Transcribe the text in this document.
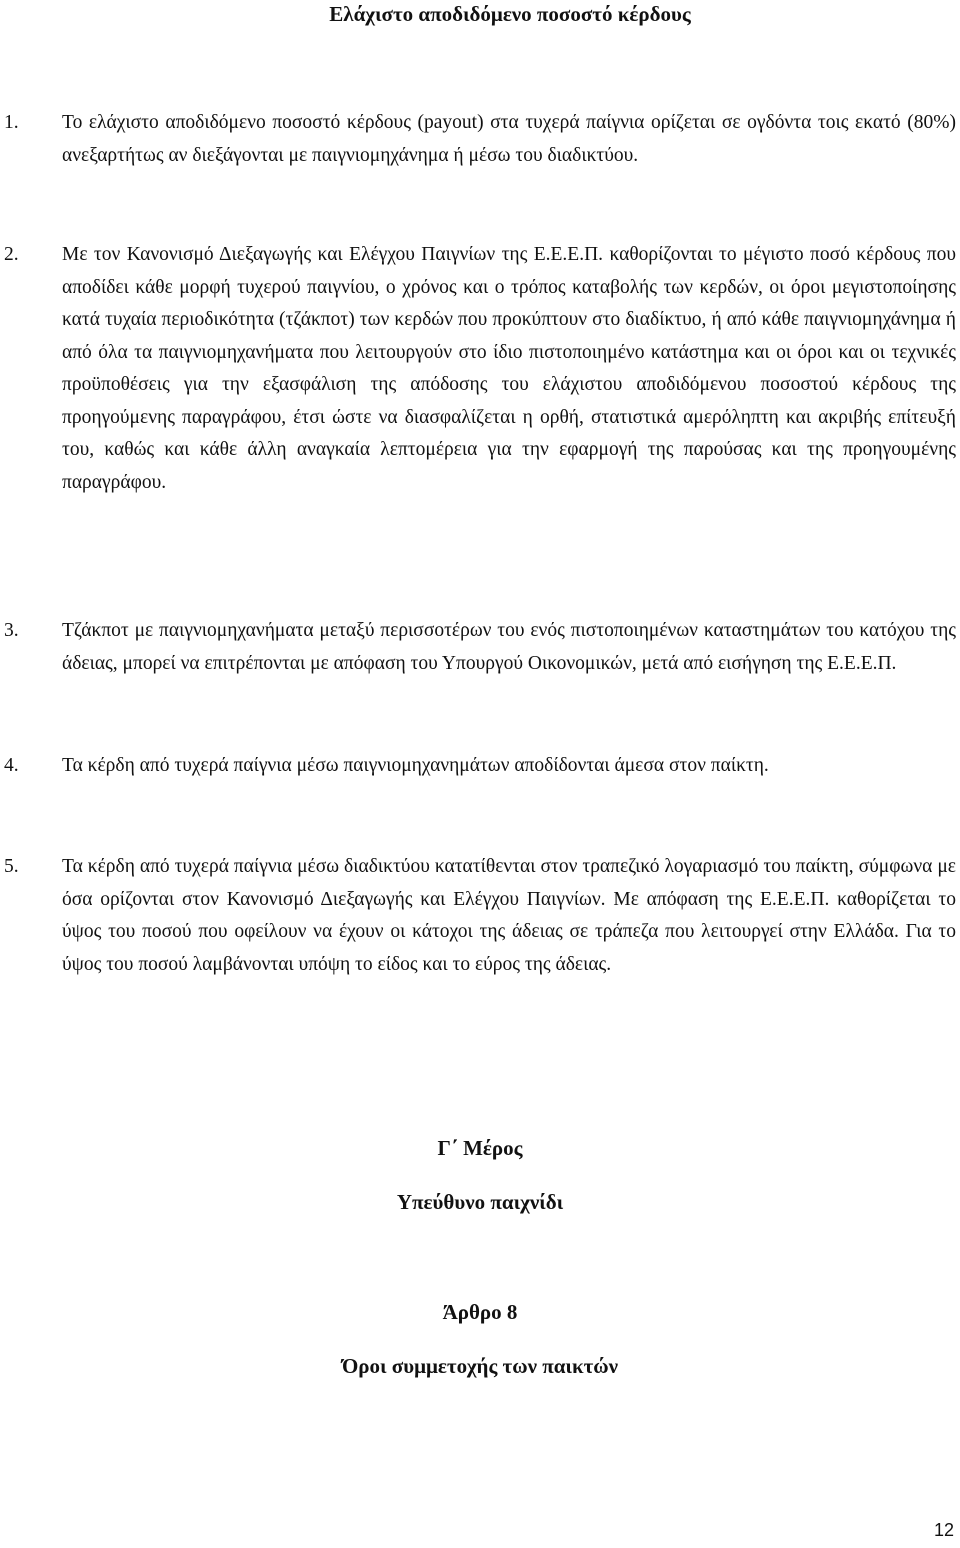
Ελάχιστο αποδιδόμενο ποσοστό κέρδους
1. Το ελάχιστο αποδιδόμενο ποσοστό κέρδους (payout) στα τυχερά παίγνια ορίζεται σε ογδόντα τοις εκατό (80%) ανεξαρτήτως αν διεξάγονται με παιγνιομηχάνημα ή μέσω του διαδικτύου.
2. Με τον Κανονισμό Διεξαγωγής και Ελέγχου Παιγνίων της Ε.Ε.Ε.Π. καθορίζονται το μέγιστο ποσό κέρδους που αποδίδει κάθε μορφή τυχερού παιγνίου, ο χρόνος και ο τρόπος καταβολής των κερδών, οι όροι μεγιστοποίησης κατά τυχαία περιοδικότητα (τζάκποτ) των κερδών που προκύπτουν στο διαδίκτυο, ή από κάθε παιγνιομηχάνημα ή από όλα τα παιγνιομηχανήματα που λειτουργούν στο ίδιο πιστοποιημένο κατάστημα και οι όροι και οι τεχνικές προϋποθέσεις για την εξασφάλιση της απόδοσης του ελάχιστου αποδιδόμενου ποσοστού κέρδους της προηγούμενης παραγράφου, έτσι ώστε να διασφαλίζεται η ορθή, στατιστικά αμερόληπτη και ακριβής επίτευξή του, καθώς και κάθε άλλη αναγκαία λεπτομέρεια για την εφαρμογή της παρούσας και της προηγουμένης παραγράφου.
3. Τζάκποτ με παιγνιομηχανήματα μεταξύ περισσοτέρων του ενός πιστοποιημένων καταστημάτων του κατόχου της άδειας, μπορεί να επιτρέπονται με απόφαση του Υπουργού Οικονομικών, μετά από εισήγηση της Ε.Ε.Ε.Π.
4. Τα κέρδη από τυχερά παίγνια μέσω παιγνιομηχανημάτων αποδίδονται άμεσα στον παίκτη.
5. Τα κέρδη από τυχερά παίγνια μέσω διαδικτύου κατατίθενται στον τραπεζικό λογαριασμό του παίκτη, σύμφωνα με όσα ορίζονται στον Κανονισμό Διεξαγωγής και Ελέγχου Παιγνίων. Με απόφαση της Ε.Ε.Ε.Π. καθορίζεται το ύψος του ποσού που οφείλουν να έχουν οι κάτοχοι της άδειας σε τράπεζα που λειτουργεί στην Ελλάδα. Για το ύψος του ποσού λαμβάνονται υπόψη το είδος και το εύρος της άδειας.
Γ΄ Μέρος
Υπεύθυνο παιχνίδι
Άρθρο 8
Όροι συμμετοχής των παικτών
12
